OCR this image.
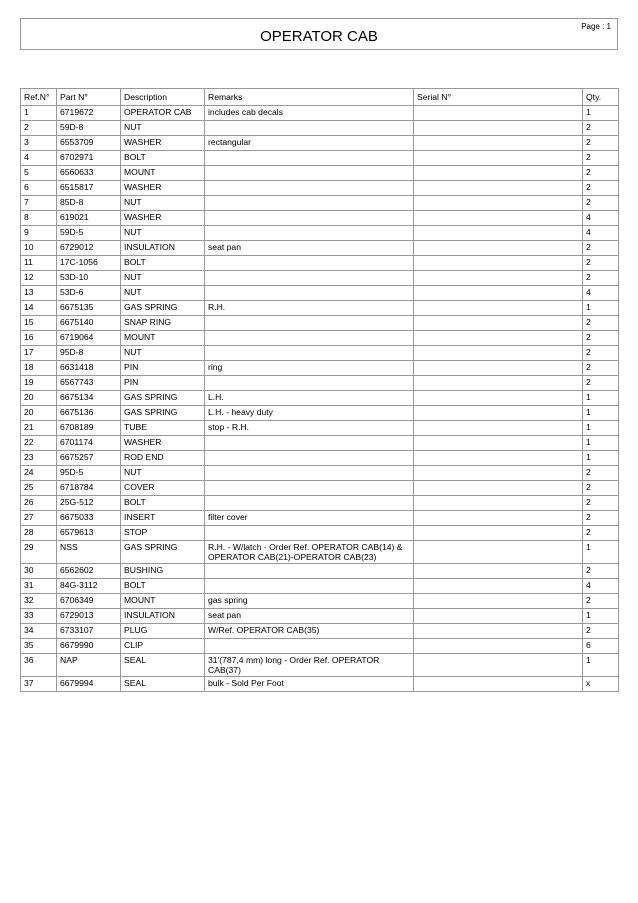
OPERATOR CAB
Page : 1
Ref.N°	Part N°	Description	Remarks	Serial N°	Qty.
1	6719672	OPERATOR CAB	includes cab decals		1
2	59D-8	NUT			2
3	6553709	WASHER	rectangular		2
4	6702971	BOLT			2
5	6560633	MOUNT			2
6	6515817	WASHER			2
7	85D-8	NUT			2
8	619021	WASHER			4
9	59D-5	NUT			4
10	6729012	INSULATION	seat pan		2
11	17C-1056	BOLT			2
12	53D-10	NUT			2
13	53D-6	NUT			4
14	6675135	GAS SPRING	R.H.		1
15	6675140	SNAP RING			2
16	6719064	MOUNT			2
17	95D-8	NUT			2
18	6631418	PIN	ring		2
19	6567743	PIN			2
20	6675134	GAS SPRING	L.H.		1
20	6675136	GAS SPRING	L.H. - heavy duty		1
21	6708189	TUBE	stop - R.H.		1
22	6701174	WASHER			1
23	6675257	ROD END			1
24	95D-5	NUT			2
25	6718784	COVER			2
26	25G-512	BOLT			2
27	6675033	INSERT	filter cover		2
28	6579613	STOP			2
29	NSS	GAS SPRING	R.H. - W/latch - Order Ref. OPERATOR CAB(14) & OPERATOR CAB(21)-OPERATOR CAB(23)		1
30	6562602	BUSHING			2
31	84G-3112	BOLT			4
32	6706349	MOUNT	gas spring		2
33	6729013	INSULATION	seat pan		1
34	6733107	PLUG	W/Ref. OPERATOR CAB(35)		2
35	6679990	CLIP			6
36	NAP	SEAL	31'(787,4 mm) long - Order Ref. OPERATOR CAB(37)		1
37	6679994	SEAL	bulk - Sold Per Foot		x
